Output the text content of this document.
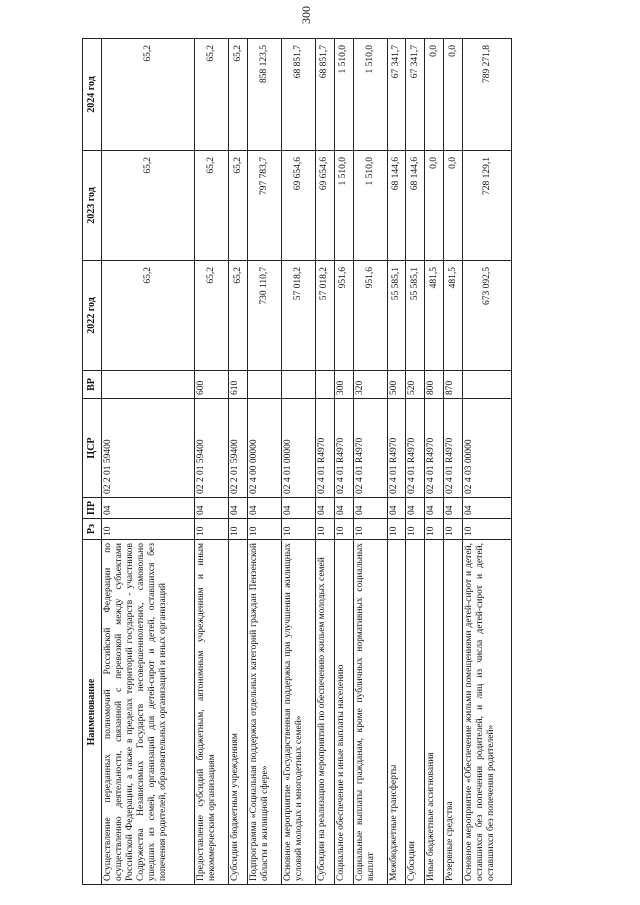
300
Наименование	Рз	ПР	ЦСР	ВР	2022 год	2023 год	2024 год
Осуществление переданных полномочий Российской Федерации по осуществлению деятельности, связанной с перевозкой между субъектами Российской Федерации, а также в пределах территорий государств - участников Содружества Независимых Государств несовершеннолетних, самовольно ушедших из семей, организаций для детей-сирот и детей, оставшихся без попечения родителей, образовательных организаций и иных организаций	10	04	02 2 01 59400		65,2	65,2	65,2
Предоставление субсидий бюджетным, автономным учреждениям и иным некоммерческим организациям	10	04	02 2 01 59400	600	65,2	65,2	65,2
Субсидии бюджетным учреждениям	10	04	02 2 01 59400	610	65,2	65,2	65,2
Подпрограмма «Социальная поддержка отдельных категорий граждан Пензенской области в жилищной сфере»	10	04	02 4 00 00000		730 110,7	797 783,7	858 123,5
Основное мероприятие «Государственная поддержка при улучшении жилищных условий молодых и многодетных семей»	10	04	02 4 01 00000		57 018,2	69 654,6	68 851,7
Субсидии на реализацию мероприятий по обеспечению жильем молодых семей	10	04	02 4 01 R4970		57 018,2	69 654,6	68 851,7
Социальное обеспечение и иные выплаты населению	10	04	02 4 01 R4970	300	951,6	1 510,0	1 510,0
Социальные выплаты гражданам, кроме публичных нормативных социальных выплат	10	04	02 4 01 R4970	320	951,6	1 510,0	1 510,0
Межбюджетные трансферты	10	04	02 4 01 R4970	500	55 585,1	68 144,6	67 341,7
Субсидии	10	04	02 4 01 R4970	520	55 585,1	68 144,6	67 341,7
Иные бюджетные ассигнования	10	04	02 4 01 R4970	800	481,5	0,0	0,0
Резервные средства	10	04	02 4 01 R4970	870	481,5	0,0	0,0
Основное мероприятие «Обеспечение жильми помещениями детей-сирот и детей, оставшихся без попечения родителей, и лиц из числа детей-сирот и детей, оставшихся без попечения родителей»	10	04	02 4 03 00000		673 092,5	728 129,1	789 271,8
